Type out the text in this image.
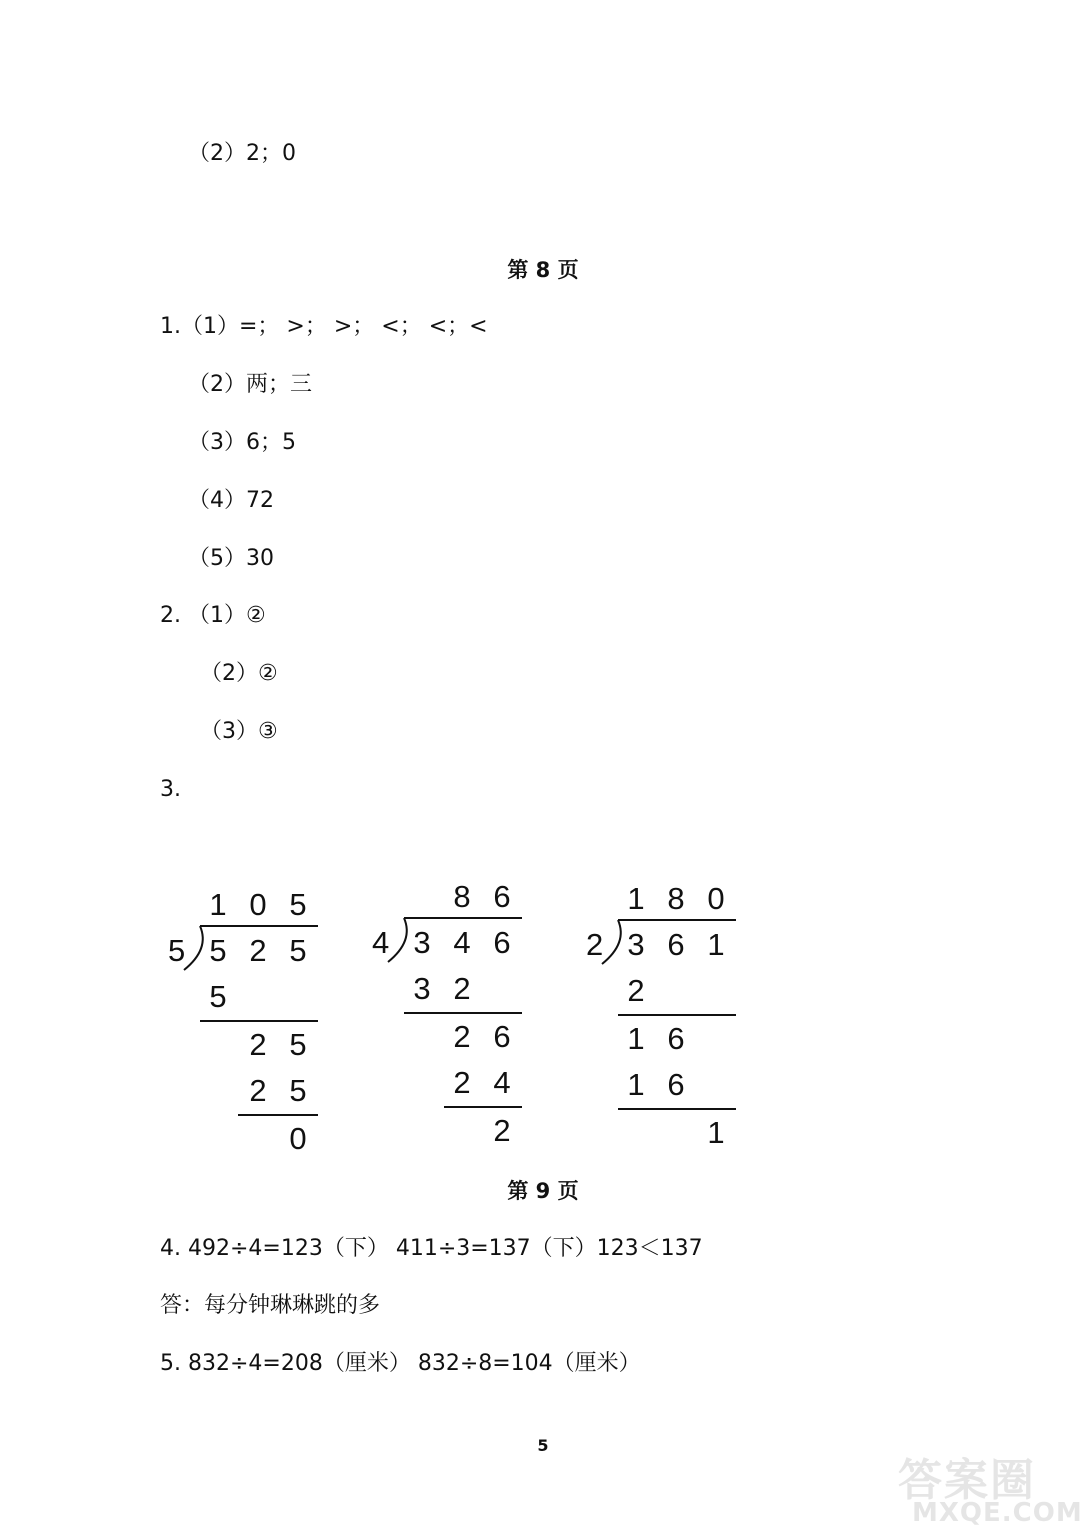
（2）2；0
第 8 页
1.（1）=； >； >； <； <；<
（2）两；三
（3）6；5
（4）72
（5）30
2. （1）②
（2）②
（3）③
3.
1 0 5
5 5 2 5
5
2 5
2 5
0
8 6
4 3 4 6
3 2
2 6
2 4
2
1 8 0
2 3 6 1
2
1 6
1 6
1
第 9 页
4. 492÷4=123（下） 411÷3=137（下）123＜137
答：每分钟琳琳跳的多
5. 832÷4=208（厘米） 832÷8=104（厘米）
5
答案圈
MXQE.COM
